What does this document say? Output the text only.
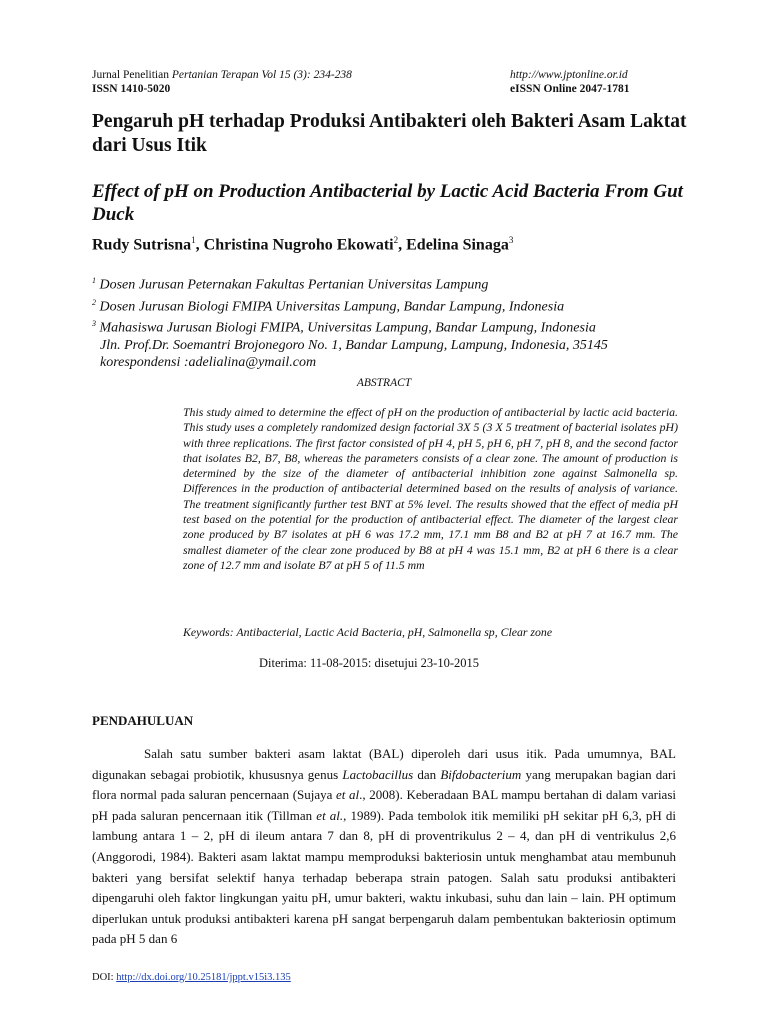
Jurnal Penelitian Pertanian Terapan Vol 15 (3): 234-238
ISSN 1410-5020
http://www.jptonline.or.id
eISSN Online 2047-1781
Pengaruh pH terhadap Produksi Antibakteri oleh Bakteri Asam Laktat dari Usus Itik
Effect of pH on Production Antibacterial by Lactic Acid Bacteria From Gut Duck
Rudy Sutrisna$^1$, Christina Nugroho Ekowati$^2$, Edelina Sinaga$^3$
$^1$ Dosen Jurusan Peternakan Fakultas Pertanian Universitas Lampung
$^2$ Dosen Jurusan Biologi FMIPA Universitas Lampung, Bandar Lampung, Indonesia
$^3$ Mahasiswa Jurusan Biologi FMIPA, Universitas Lampung, Bandar Lampung, Indonesia
Jln. Prof.Dr. Soemantri Brojonegoro No. 1, Bandar Lampung, Lampung, Indonesia, 35145
korespondensi :adelialina@ymail.com
ABSTRACT
This study aimed to determine the effect of pH on the production of antibacterial by lactic acid bacteria. This study uses a completely randomized design factorial 3X 5 (3 X 5 treatment of bacterial isolates pH) with three replications. The first factor consisted of pH 4, pH 5, pH 6, pH 7, pH 8, and the second factor that isolates B2, B7, B8, whereas the parameters consists of a clear zone. The amount of production is determined by the size of the diameter of antibacterial inhibition zone against Salmonella sp. Differences in the production of antibacterial determined based on the results of analysis of variance. The treatment significantly further test BNT at 5% level. The results showed that the effect of media pH test based on the potential for the production of antibacterial effect. The diameter of the largest clear zone produced by B7 isolates at pH 6 was 17.2 mm, 17.1 mm B8 and B2 at pH 7 at 16.7 mm. The smallest diameter of the clear zone produced by B8 at pH 4 was 15.1 mm, B2 at pH 6 there is a clear zone of 12.7 mm and isolate B7 at pH 5 of 11.5 mm
Keywords: Antibacterial, Lactic Acid Bacteria, pH, Salmonella sp, Clear zone
Diterima: 11-08-2015: disetujui 23-10-2015
PENDAHULUAN
Salah satu sumber bakteri asam laktat (BAL) diperoleh dari usus itik. Pada umumnya, BAL digunakan sebagai probiotik, khususnya genus Lactobacillus dan Bifdobacterium yang merupakan bagian dari flora normal pada saluran pencernaan (Sujaya et al., 2008). Keberadaan BAL mampu bertahan di dalam variasi pH pada saluran pencernaan itik (Tillman et al., 1989). Pada tembolok itik memiliki pH sekitar pH 6,3, pH di lambung antara 1 – 2, pH di ileum antara 7 dan 8, pH di proventrikulus 2 – 4, dan pH di ventrikulus 2,6 (Anggorodi, 1984). Bakteri asam laktat mampu memproduksi bakteriosin untuk menghambat atau membunuh bakteri yang bersifat selektif hanya terhadap beberapa strain patogen. Salah satu produksi antibakteri dipengaruhi oleh faktor lingkungan yaitu pH, umur bakteri, waktu inkubasi, suhu dan lain – lain. PH optimum diperlukan untuk produksi antibakteri karena pH sangat berpengaruh dalam pembentukan bakteriosin optimum pada pH 5 dan 6
DOI: http://dx.doi.org/10.25181/jppt.v15i3.135
